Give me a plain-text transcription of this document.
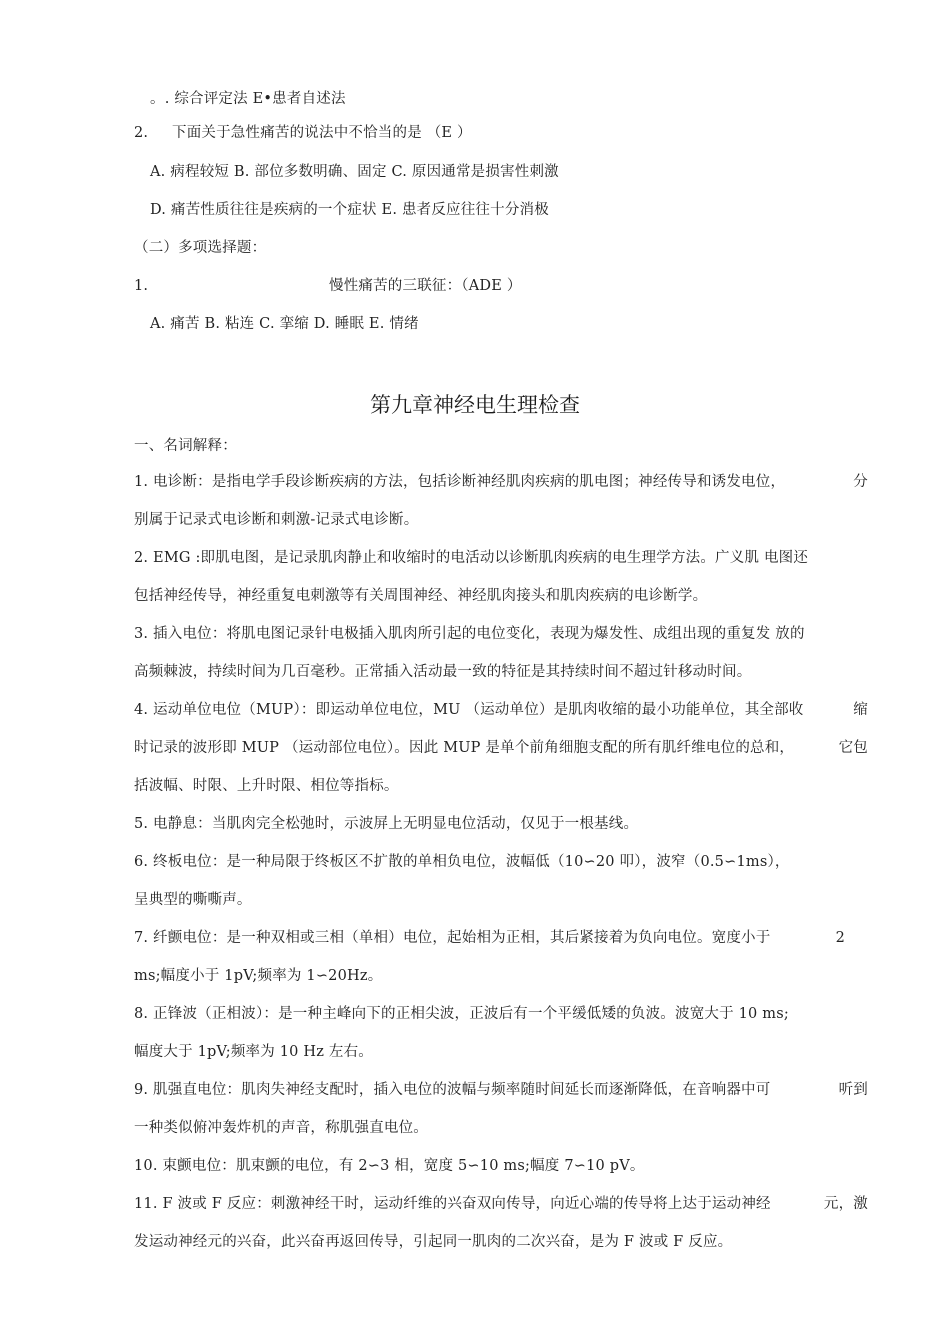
。. 综合评定法 E•患者自述法
2. 下面关于急性痛苦的说法中不恰当的是 （E ）
A. 病程较短 B. 部位多数明确、固定 C. 原因通常是损害性刺激
D. 痛苦性质往往是疾病的一个症状 E. 患者反应往往十分消极
（二）多项选择题：
1.	慢性痛苦的三联征：（ADE ）
A. 痛苦 B. 粘连 C. 挛缩 D. 睡眠 E. 情绪
第九章神经电生理检查
一、名词解释：
1. 电诊断：是指电学手段诊断疾病的方法，包括诊断神经肌肉疾病的肌电图；神经传导和诱发电位，	分
别属于记录式电诊断和刺激-记录式电诊断。
2. EMG :即肌电图，是记录肌肉静止和收缩时的电活动以诊断肌肉疾病的电生理学方法。广义肌 电图还
包括神经传导，神经重复电刺激等有关周围神经、神经肌肉接头和肌肉疾病的电诊断学。
3. 插入电位：将肌电图记录针电极插入肌肉所引起的电位变化，表现为爆发性、成组出现的重复发 放的
高频棘波，持续时间为几百毫秒。正常插入活动最一致的特征是其持续时间不超过针移动时间。
4. 运动单位电位（MUP）：即运动单位电位，MU （运动单位）是肌肉收缩的最小功能单位，其全部收	缩
时记录的波形即 MUP （运动部位电位）。因此 MUP 是单个前角细胞支配的所有肌纤维电位的总和，	它包
括波幅、时限、上升时限、相位等指标。
5. 电静息：当肌肉完全松弛时，示波屏上无明显电位活动，仅见于一根基线。
6. 终板电位：是一种局限于终板区不扩散的单相负电位，波幅低（10∽20 叩），波窄（0.5∽1ms），
呈典型的嘶嘶声。
7. 纤颤电位：是一种双相或三相（单相）电位，起始相为正相，其后紧接着为负向电位。宽度小于	2
ms;幅度小于 1pV;频率为 1∽20Hz。
8. 正锋波（正相波）：是一种主峰向下的正相尖波，正波后有一个平缓低矮的负波。波宽大于 10 ms;
幅度大于 1pV;频率为 10 Hz 左右。
9. 肌强直电位：肌肉失神经支配时，插入电位的波幅与频率随时间延长而逐渐降低，在音响器中可	听到
一种类似俯冲轰炸机的声音，称肌强直电位。
10. 束颤电位：肌束颤的电位，有 2∽3 相，宽度 5∽10 ms;幅度 7∽10 pV。
11. F 波或 F 反应：刺激神经干时，运动纤维的兴奋双向传导，向近心端的传导将上达于运动神经	元，激
发运动神经元的兴奋，此兴奋再返回传导，引起同一肌肉的二次兴奋，是为 F 波或 F 反应。
